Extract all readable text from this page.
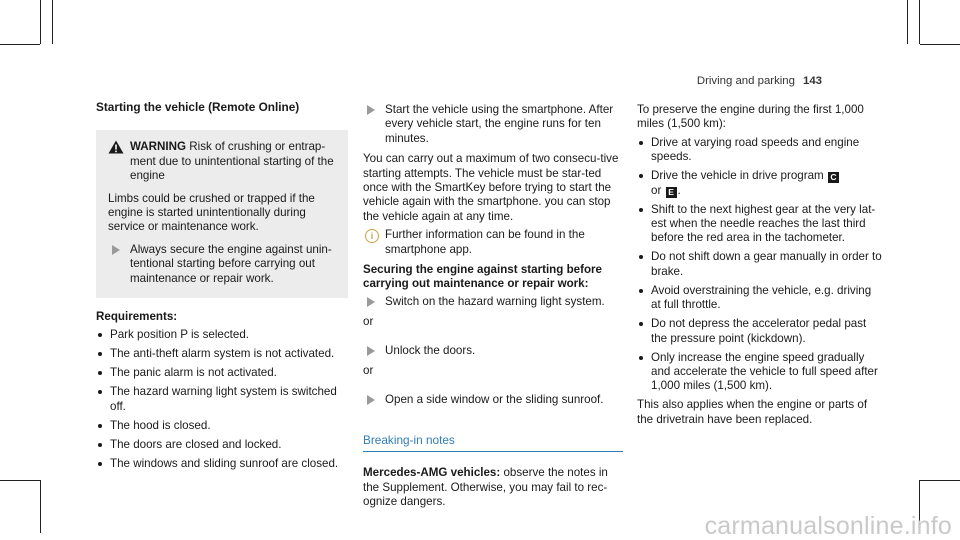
Driving and parking 143
Starting the vehicle (Remote Online)
WARNING Risk of crushing or entrap-ment due to unintentional starting of the engine

Limbs could be crushed or trapped if the engine is started unintentionally during service or maintenance work.

Always secure the engine against unin-tentional starting before carrying out maintenance or repair work.

Requirements:

Park position P is selected.
The anti-theft alarm system is not activated.
The panic alarm is not activated.
The hazard warning light system is switched off.
The hood is closed.
The doors are closed and locked.
The windows and sliding sunroof are closed.
Start the vehicle using the smartphone. After every vehicle start, the engine runs for ten minutes.

You can carry out a maximum of two consecu-tive starting attempts. The vehicle must be star-ted once with the SmartKey before trying to start the vehicle again with the smartphone. you can stop the vehicle again at any time.

i	Further information can be found in the smartphone app.

Securing the engine against starting before carrying out maintenance or repair work:

Switch on the hazard warning light system.

or

Unlock the doors.

or

Open a side window or the sliding sunroof.
Breaking-in notes

Mercedes-AMG vehicles: observe the notes in the Supplement. Otherwise, you may fail to rec-ognize dangers.

To preserve the engine during the first 1,000 miles (1,500 km):

Drive at varying road speeds and engine speeds.
Drive the vehicle in drive program C
or E .
Shift to the next highest gear at the very lat-est when the needle reaches the last third before the red area in the tachometer.
Do not shift down a gear manually in order to brake.
Avoid overstraining the vehicle, e.g. driving at full throttle.
Do not depress the accelerator pedal past the pressure point (kickdown).
Only increase the engine speed gradually and accelerate the vehicle to full speed after 1,000 miles (1,500 km).

This also applies when the engine or parts of the drivetrain have been replaced.

carmanualsonline.info
